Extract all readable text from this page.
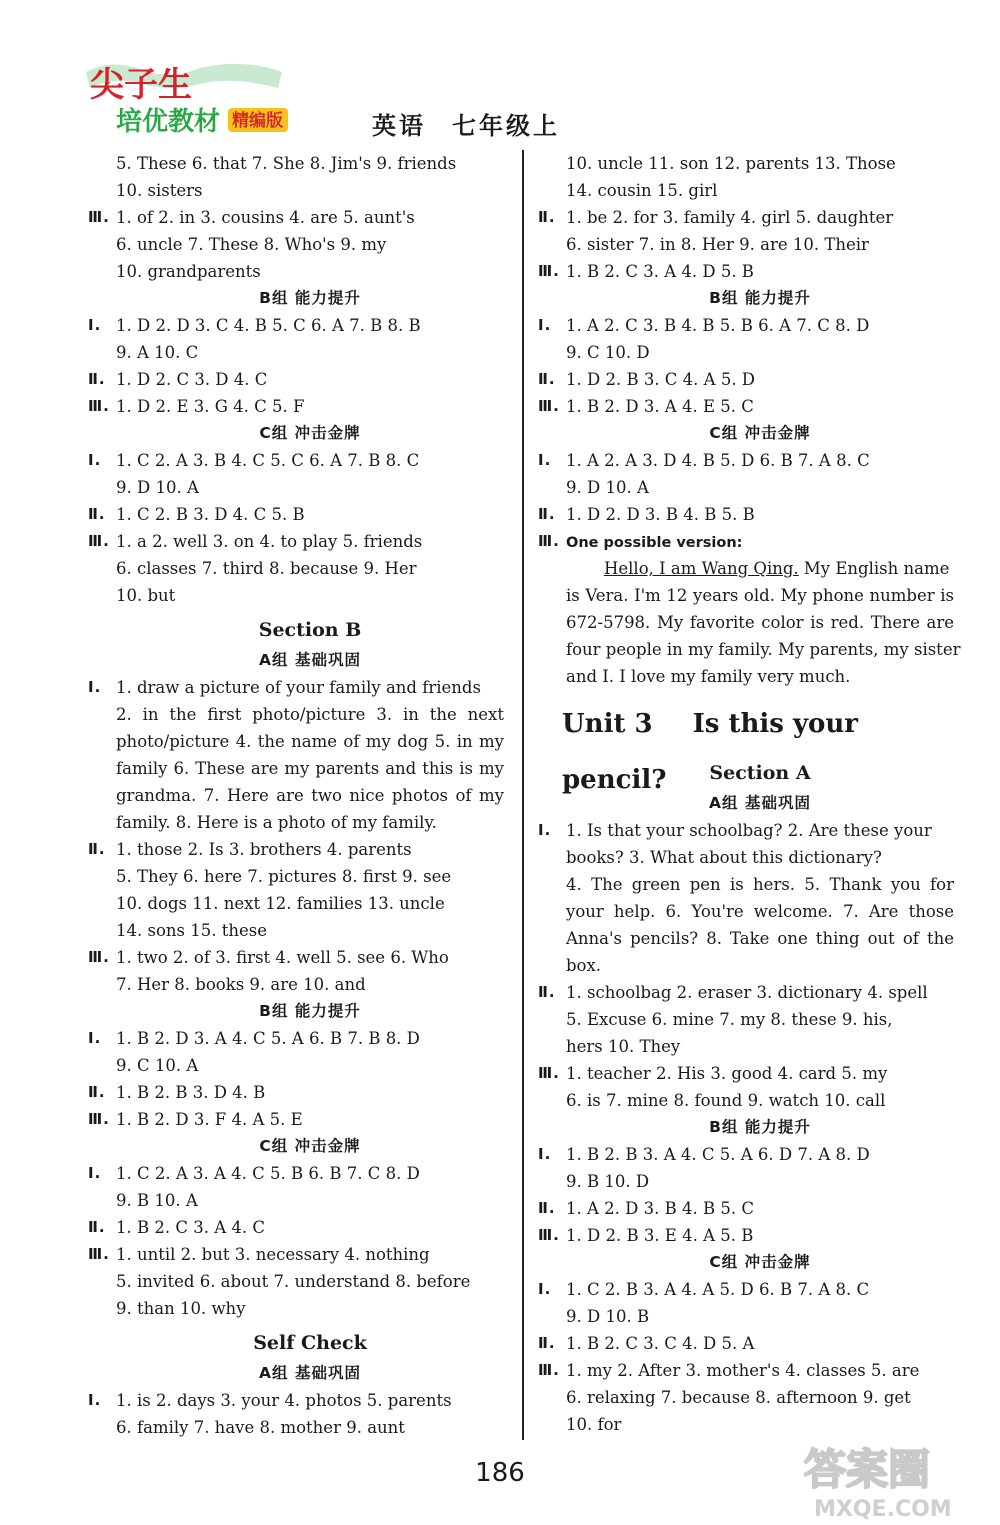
尖子生
培优教材 精编版	英语 七年级上
5. These 6. that 7. She 8. Jim's 9. friends
10. sisters
Ⅲ. 1. of 2. in 3. cousins 4. are 5. aunt's
6. uncle 7. These 8. Who's 9. my
10. grandparents
B组 能力提升
Ⅰ. 1. D 2. D 3. C 4. B 5. C 6. A 7. B 8. B
9. A 10. C
Ⅱ. 1. D 2. C 3. D 4. C
Ⅲ. 1. D 2. E 3. G 4. C 5. F
C组 冲击金牌
Ⅰ. 1. C 2. A 3. B 4. C 5. C 6. A 7. B 8. C
9. D 10. A
Ⅱ. 1. C 2. B 3. D 4. C 5. B
Ⅲ. 1. a 2. well 3. on 4. to play 5. friends
6. classes 7. third 8. because 9. Her
10. but
Section B
A组 基础巩固
Ⅰ. 1. draw a picture of your family and friends
2. in the first photo/picture 3. in the next
photo/picture 4. the name of my dog 5. in my
family 6. These are my parents and this is my
grandma. 7. Here are two nice photos of my
family. 8. Here is a photo of my family.
Ⅱ. 1. those 2. Is 3. brothers 4. parents
5. They 6. here 7. pictures 8. first 9. see
10. dogs 11. next 12. families 13. uncle
14. sons 15. these
Ⅲ. 1. two 2. of 3. first 4. well 5. see 6. Who
7. Her 8. books 9. are 10. and
B组 能力提升
Ⅰ. 1. B 2. D 3. A 4. C 5. A 6. B 7. B 8. D
9. C 10. A
Ⅱ. 1. B 2. B 3. D 4. B
Ⅲ. 1. B 2. D 3. F 4. A 5. E
C组 冲击金牌
Ⅰ. 1. C 2. A 3. A 4. C 5. B 6. B 7. C 8. D
9. B 10. A
Ⅱ. 1. B 2. C 3. A 4. C
Ⅲ. 1. until 2. but 3. necessary 4. nothing
5. invited 6. about 7. understand 8. before
9. than 10. why
Self Check
A组 基础巩固
Ⅰ. 1. is 2. days 3. your 4. photos 5. parents
6. family 7. have 8. mother 9. aunt
10. uncle 11. son 12. parents 13. Those
14. cousin 15. girl
Ⅱ. 1. be 2. for 3. family 4. girl 5. daughter
6. sister 7. in 8. Her 9. are 10. Their
Ⅲ. 1. B 2. C 3. A 4. D 5. B
B组 能力提升
Ⅰ. 1. A 2. C 3. B 4. B 5. B 6. A 7. C 8. D
9. C 10. D
Ⅱ. 1. D 2. B 3. C 4. A 5. D
Ⅲ. 1. B 2. D 3. A 4. E 5. C
C组 冲击金牌
Ⅰ. 1. A 2. A 3. D 4. B 5. D 6. B 7. A 8. C
9. D 10. A
Ⅱ. 1. D 2. D 3. B 4. B 5. B
Ⅲ. One possible version:
Hello, I am Wang Qing. My English name
is Vera. I'm 12 years old. My phone number is
672-5798. My favorite color is red. There are
four people in my family. My parents, my sister
and I. I love my family very much.
Unit 3 Is this your pencil?	Section A
A组 基础巩固
Ⅰ. 1. Is that your schoolbag? 2. Are these your
books? 3. What about this dictionary?
4. The green pen is hers. 5. Thank you for
your help. 6. You're welcome. 7. Are those
Anna's pencils? 8. Take one thing out of the
box.
Ⅱ. 1. schoolbag 2. eraser 3. dictionary 4. spell
5. Excuse 6. mine 7. my 8. these 9. his,
hers 10. They
Ⅲ. 1. teacher 2. His 3. good 4. card 5. my
6. is 7. mine 8. found 9. watch 10. call
B组 能力提升
Ⅰ. 1. B 2. B 3. A 4. C 5. A 6. D 7. A 8. D
9. B 10. D
Ⅱ. 1. A 2. D 3. B 4. B 5. C
Ⅲ. 1. D 2. B 3. E 4. A 5. B
C组 冲击金牌
Ⅰ. 1. C 2. B 3. A 4. A 5. D 6. B 7. A 8. C
9. D 10. B
Ⅱ. 1. B 2. C 3. C 4. D 5. A
Ⅲ. 1. my 2. After 3. mother's 4. classes 5. are
6. relaxing 7. because 8. afternoon 9. get
10. for
186	答案圈
MXQE.COM
